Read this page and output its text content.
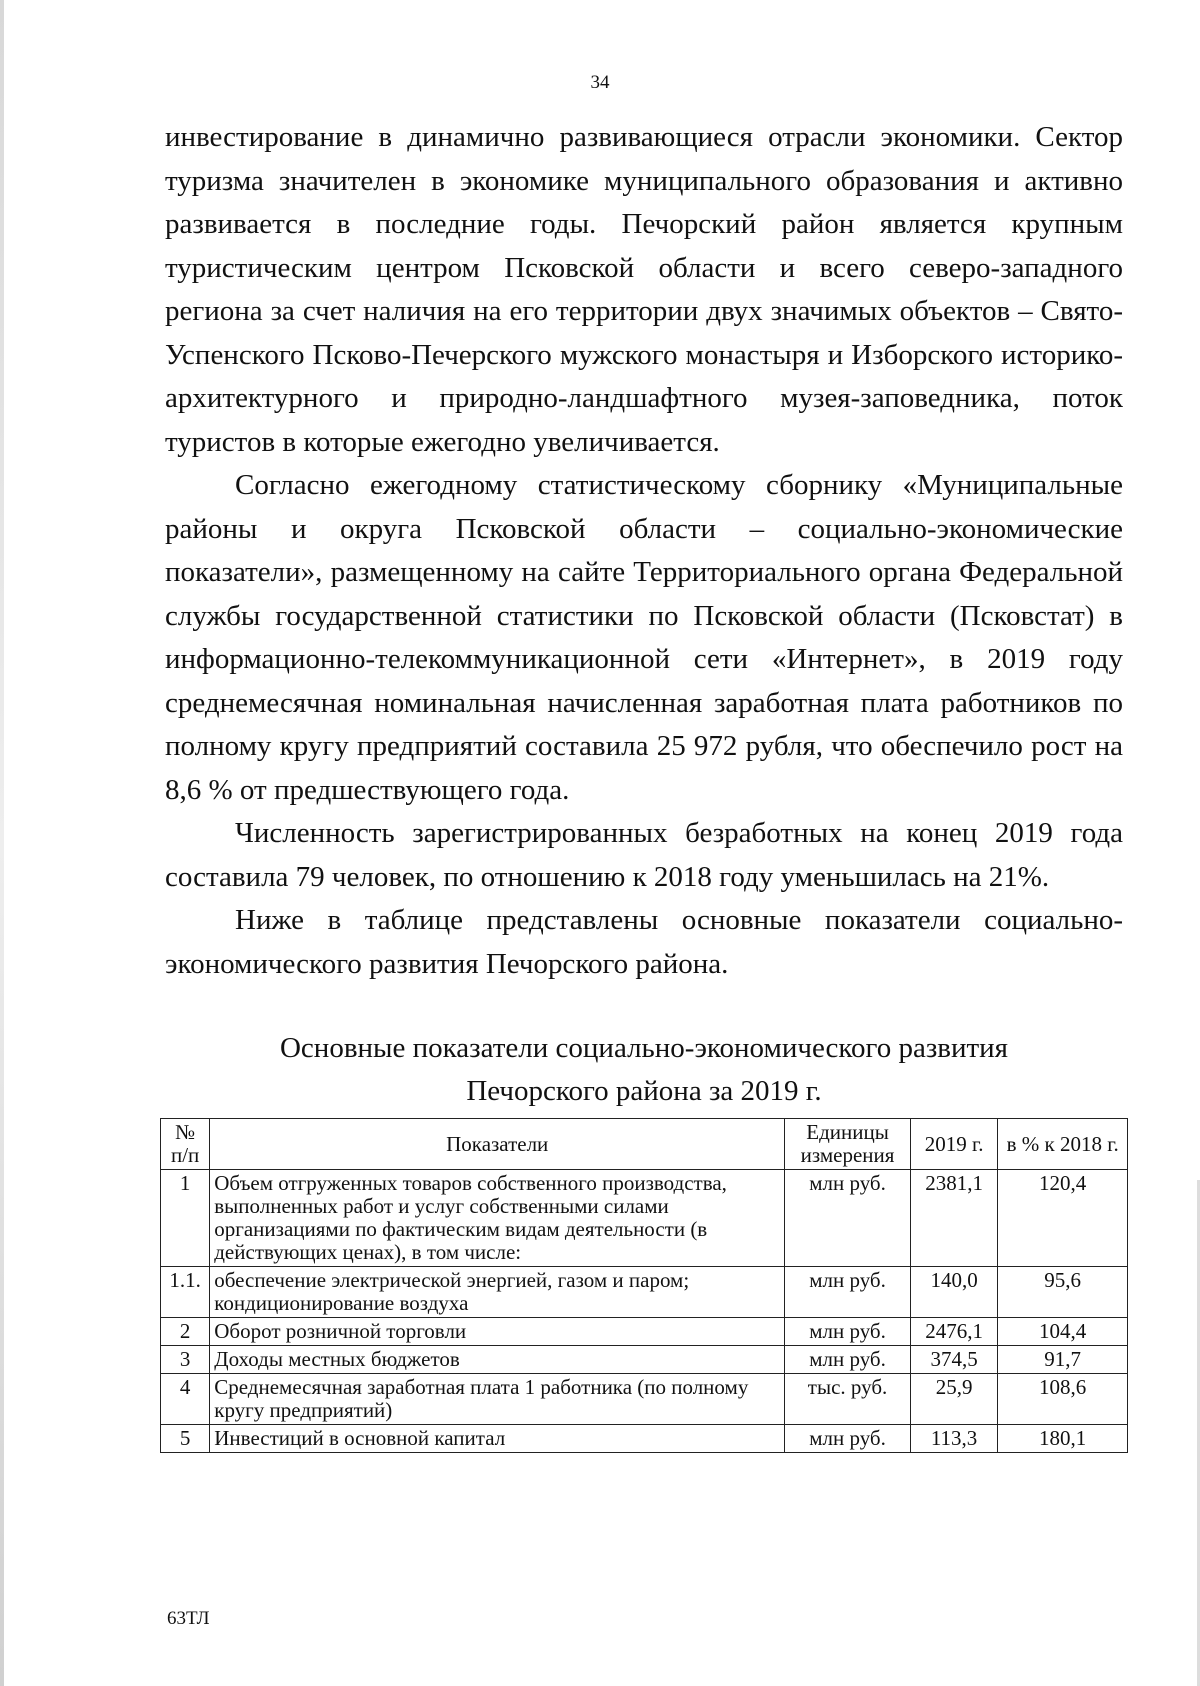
34

инвестирование в динамично развивающиеся отрасли экономики. Сектор туризма значителен в экономике муниципального образования и активно развивается в последние годы. Печорский район является крупным туристическим центром Псковской области и всего северо-западного региона за счет наличия на его территории двух значимых объектов – Свято-Успенского Псково-Печерского мужского монастыря и Изборского историко-архитектурного и природно-ландшафтного музея-заповедника, поток туристов в которые ежегодно увеличивается.

Согласно ежегодному статистическому сборнику «Муниципальные районы и округа Псковской области – социально-экономические показатели», размещенному на сайте Территориального органа Федеральной службы государственной статистики по Псковской области (Псковстат) в информационно-телекоммуникационной сети «Интернет», в 2019 году среднемесячная номинальная начисленная заработная плата работников по полному кругу предприятий составила 25 972 рубля, что обеспечило рост на 8,6 % от предшествующего года.

Численность зарегистрированных безработных на конец 2019 года составила 79 человек, по отношению к 2018 году уменьшилась на 21%.

Ниже в таблице представлены основные показатели социально-экономического развития Печорского района.

Основные показатели социально-экономического развития
Печорского района за 2019 г.
№ п/п	Показатели	Единицы измерения	2019 г.	в % к 2018 г.
1	Объем отгруженных товаров собственного производства, выполненных работ и услуг собственными силами организациями по фактическим видам деятельности (в действующих ценах), в том числе:	млн руб.	2381,1	120,4
1.1.	обеспечение электрической энергией, газом и паром; кондиционирование воздуха	млн руб.	140,0	95,6
2	Оборот розничной торговли	млн руб.	2476,1	104,4
3	Доходы местных бюджетов	млн руб.	374,5	91,7
4	Среднемесячная заработная плата 1 работника (по полному кругу предприятий)	тыс. руб.	25,9	108,6
5	Инвестиций в основной капитал	млн руб.	113,3	180,1
63ТЛ
